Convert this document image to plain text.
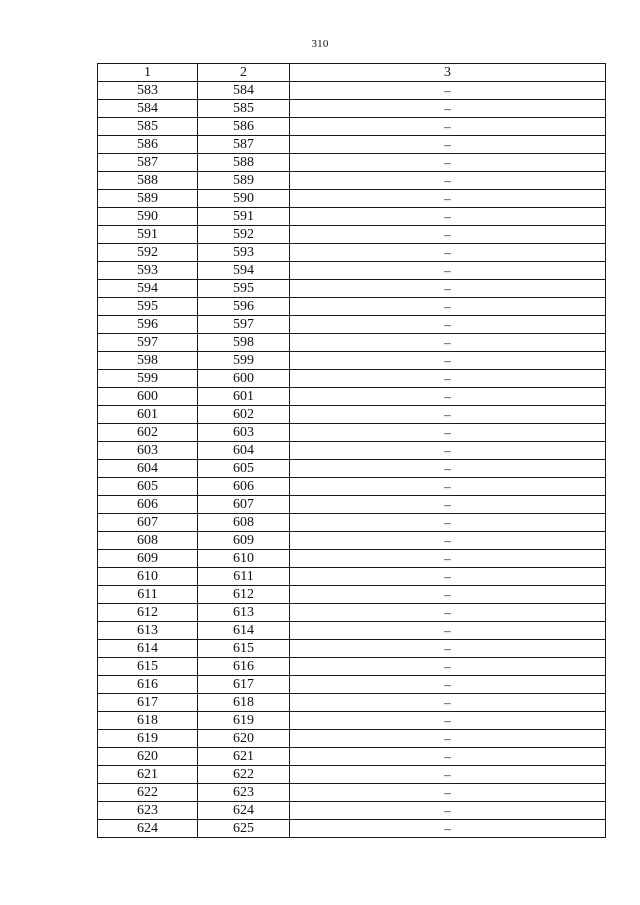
310
1	2	3
583	584	–
584	585	–
585	586	–
586	587	–
587	588	–
588	589	–
589	590	–
590	591	–
591	592	–
592	593	–
593	594	–
594	595	–
595	596	–
596	597	–
597	598	–
598	599	–
599	600	–
600	601	–
601	602	–
602	603	–
603	604	–
604	605	–
605	606	–
606	607	–
607	608	–
608	609	–
609	610	–
610	611	–
611	612	–
612	613	–
613	614	–
614	615	–
615	616	–
616	617	–
617	618	–
618	619	–
619	620	–
620	621	–
621	622	–
622	623	–
623	624	–
624	625	–
